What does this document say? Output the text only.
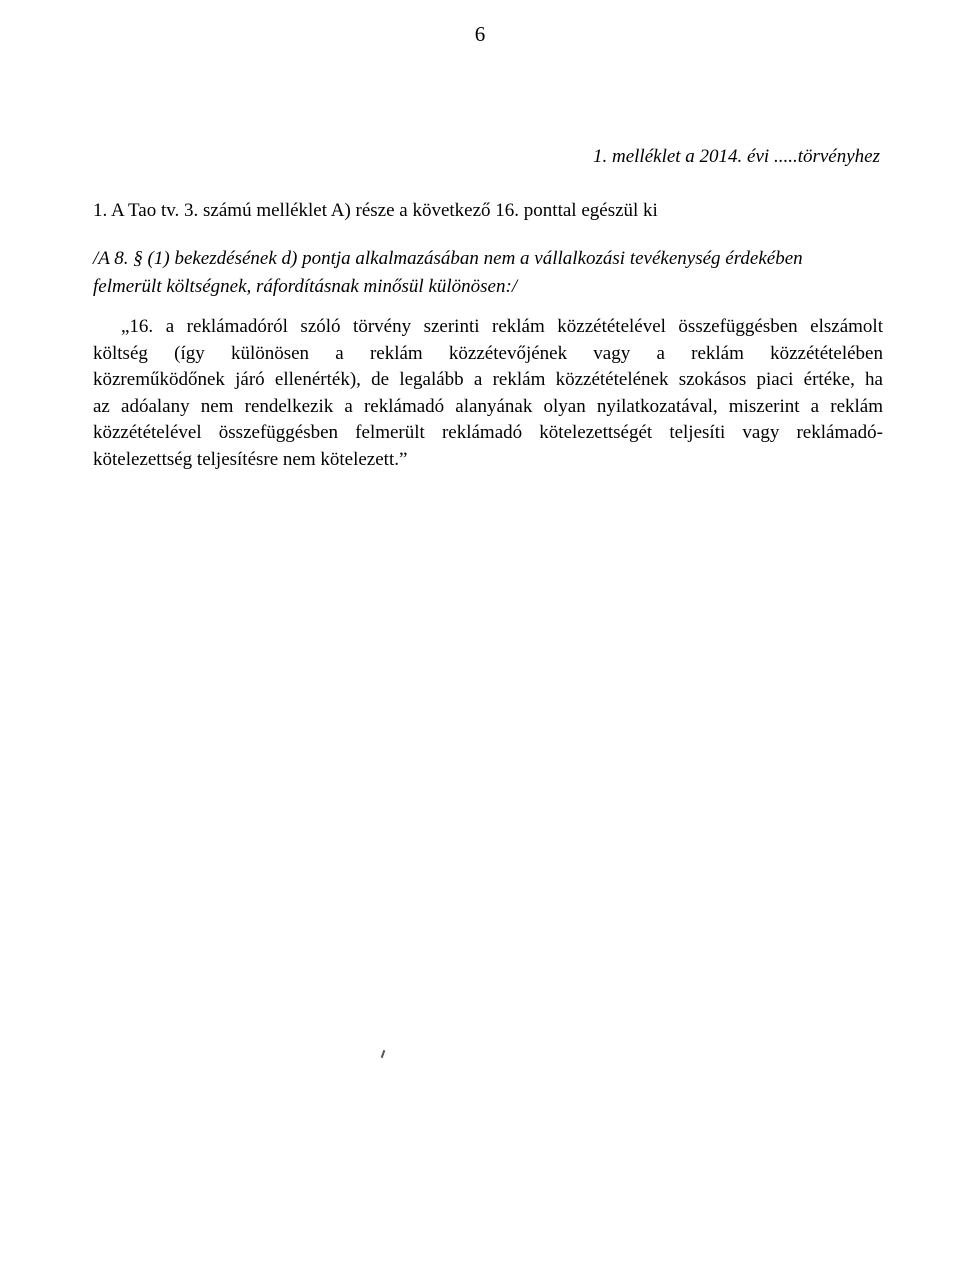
6
1. melléklet a 2014. évi .....törvényhez
1. A Tao tv. 3. számú melléklet A) része a következő 16. ponttal egészül ki
/A 8. § (1) bekezdésének d) pontja alkalmazásában nem a vállalkozási tevékenység érdekében
felmerült költségnek, ráfordításnak minősül különösen:/
„16. a reklámadóról szóló törvény szerinti reklám közzétételével összefüggésben elszámolt
költség (így különösen a reklám közzétevőjének vagy a reklám közzétételében
közreműködőnek járó ellenérték), de legalább a reklám közzétételének szokásos piaci értéke, ha
az adóalany nem rendelkezik a reklámadó alanyának olyan nyilatkozatával, miszerint a reklám
közzétételével összefüggésben felmerült reklámadó kötelezettségét teljesíti vagy reklámadó-
kötelezettség teljesítésre nem kötelezett.”
